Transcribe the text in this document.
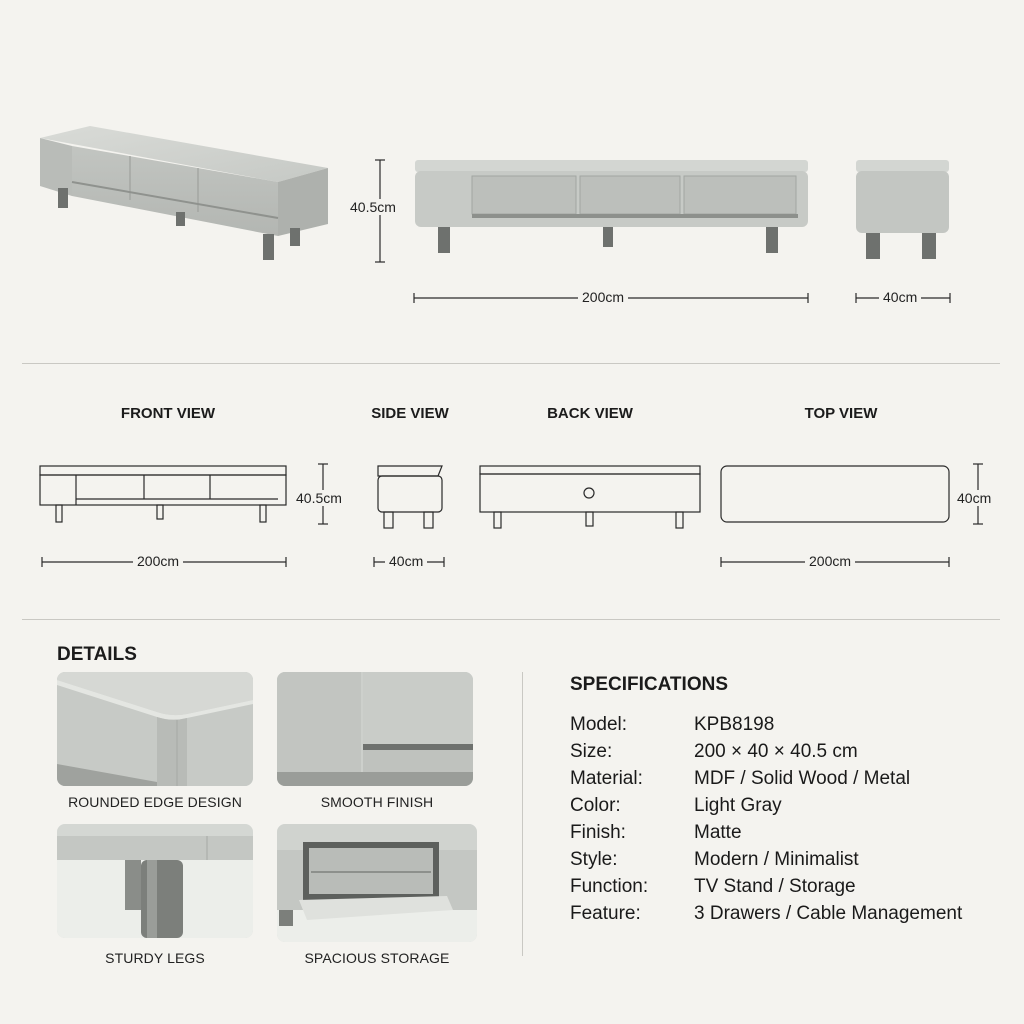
40.5cm
200cm	40cm
FRONT VIEW	SIDE VIEW	BACK VIEW	TOP VIEW
40.5cm
200cm	40cm
40cm
200cm
DETAILS
ROUNDED EDGE DESIGN	SMOOTH FINISH
STURDY LEGS	SPACIOUS STORAGE
SPECIFICATIONS
Model:	KPB8198
Size:	200 × 40 × 40.5 cm
Material:	MDF / Solid Wood / Metal
Color:	Light Gray
Finish:	Matte
Style:	Modern / Minimalist
Function: TV Stand / Storage
Feature:	3 Drawers / Cable Management
